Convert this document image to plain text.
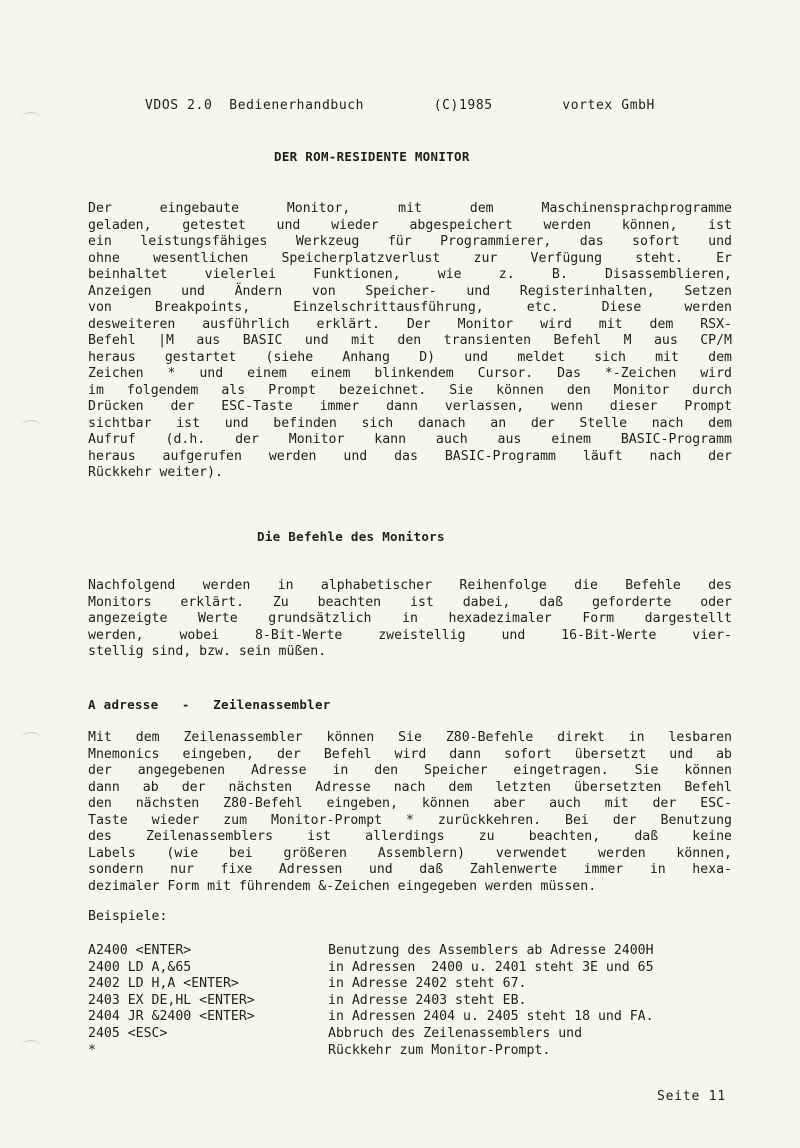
VDOS 2.0  Bedienerhandbuch	(C)1985	vortex GmbH
DER ROM-RESIDENTE MONITOR
Der eingebaute Monitor, mit dem Maschinensprachprogramme
geladen, getestet und wieder abgespeichert werden können, ist
ein leistungsfähiges Werkzeug für Programmierer, das sofort und
ohne wesentlichen Speicherplatzverlust zur Verfügung steht. Er
beinhaltet vielerlei Funktionen, wie z. B. Disassemblieren,
Anzeigen und Ändern von Speicher- und Registerinhalten, Setzen
von Breakpoints, Einzelschrittausführung, etc. Diese werden
desweiteren ausführlich erklärt. Der Monitor wird mit dem RSX-
Befehl |M aus BASIC und mit den transienten Befehl M aus CP/M
heraus gestartet (siehe Anhang D) und meldet sich mit dem
Zeichen * und einem einem blinkendem Cursor. Das *-Zeichen wird
im folgendem als Prompt bezeichnet. Sie können den Monitor durch
Drücken der ESC-Taste immer dann verlassen, wenn dieser Prompt
sichtbar ist und befinden sich danach an der Stelle nach dem
Aufruf (d.h. der Monitor kann auch aus einem BASIC-Programm
heraus aufgerufen werden und das BASIC-Programm läuft nach der
Rückkehr weiter).
Die Befehle des Monitors
Nachfolgend werden in alphabetischer Reihenfolge die Befehle des
Monitors erklärt. Zu beachten ist dabei, daß geforderte oder
angezeigte Werte grundsätzlich in hexadezimaler Form dargestellt
werden, wobei 8-Bit-Werte zweistellig und 16-Bit-Werte vier-
stellig sind, bzw. sein müßen.
A adresse - Zeilenassembler
Mit dem Zeilenassembler können Sie Z80-Befehle direkt in lesbaren
Mnemonics eingeben, der Befehl wird dann sofort übersetzt und ab
der angegebenen Adresse in den Speicher eingetragen. Sie können
dann ab der nächsten Adresse nach dem letzten übersetzten Befehl
den nächsten Z80-Befehl eingeben, können aber auch mit der ESC-
Taste wieder zum Monitor-Prompt * zurückkehren. Bei der Benutzung
des Zeilenassemblers ist allerdings zu beachten, daß keine
Labels (wie bei größeren Assemblern) verwendet werden können,
sondern nur fixe Adressen und daß Zahlenwerte immer in hexa-
dezimaler Form mit führendem &-Zeichen eingegeben werden müssen.
Beispiele:
A2400 <ENTER>
2400 LD A,&65
2402 LD H,A <ENTER>
2403 EX DE,HL <ENTER>
2404 JR &2400 <ENTER>
2405 <ESC>
*
Benutzung des Assemblers ab Adresse 2400H
in Adressen  2400 u. 2401 steht 3E und 65
in Adresse 2402 steht 67.
in Adresse 2403 steht EB.
in Adressen 2404 u. 2405 steht 18 und FA.
Abbruch des Zeilenassemblers und
Rückkehr zum Monitor-Prompt.
Seite 11
